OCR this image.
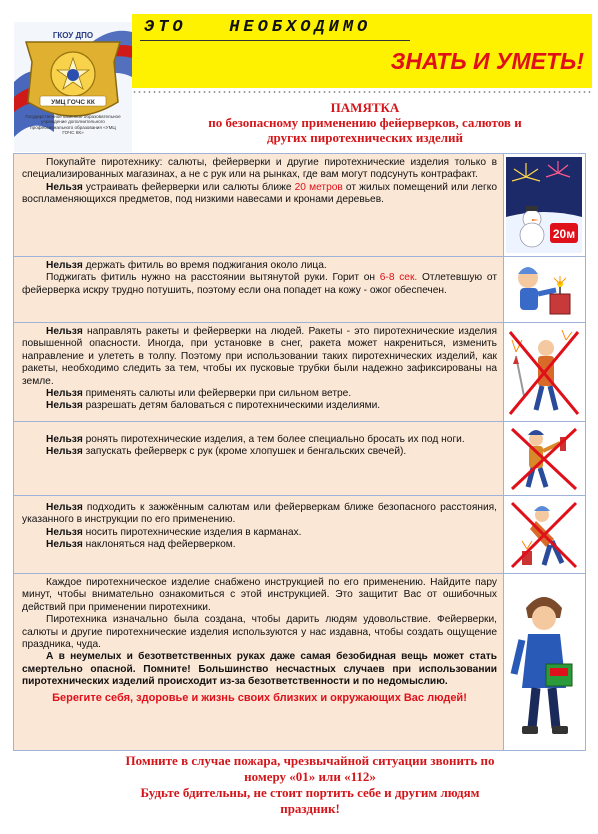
ГКОУ ДПО
УМЦ ГОЧС КК
Государственное казенное образовательное учреждение дополнительного профессионального образования «УМЦ ГОЧС КК»
ЭТО   НЕОБХОДИМО
ЗНАТЬ И УМЕТЬ!
ПАМЯТКА
по безопасному применению фейерверков, салютов и
других пиротехнических изделий

Покупайте пиротехнику: салюты, фейерверки и другие пиротехнические изделия только в специализированных магазинах, а не с рук или на рынках, где вам могут подсунуть контрафакт.

Нельзя устраивать фейерверки или салюты ближе 20 метров от жилых помещений или легко воспламеняющихся предметов, под низкими навесами и кронами деревьев.

20м

Нельзя держать фитиль во время поджигания около лица.

Поджигать фитиль нужно на расстоянии вытянутой руки. Горит он 6-8 сек. Отлетевшую от фейерверка искру трудно потушить, поэтому если она попадет на кожу - ожог обеспечен.

Нельзя направлять ракеты и фейерверки на людей. Ракеты - это пиротехнические изделия повышенной опасности. Иногда, при установке в снег, ракета может накрениться, изменить направление и улететь в толпу. Поэтому при использовании таких пиротехнических изделий, как ракеты, необходимо следить за тем, чтобы их пусковые трубки были надежно зафиксированы на земле.

Нельзя применять салюты или фейерверки при сильном ветре.

Нельзя разрешать детям баловаться с пиротехническими изделиями.

Нельзя ронять пиротехнические изделия, а тем более специально бросать их под ноги.

Нельзя запускать фейерверк с рук (кроме хлопушек и бенгальских свечей).

Нельзя подходить к зажжённым салютам или фейерверкам ближе безопасного расстояния, указанного в инструкции по его применению.

Нельзя носить пиротехнические изделия в карманах.

Нельзя наклоняться над фейерверком.

Каждое пиротехническое изделие снабжено инструкцией по его применению. Найдите пару минут, чтобы внимательно ознакомиться с этой инструкцией. Это защитит Вас от ошибочных действий при применении пиротехники.

Пиротехника изначально была создана, чтобы дарить людям удовольствие. Фейерверки, салюты и другие пиротехнические изделия используются у нас издавна, чтобы создать ощущение праздника, чуда.

А в неумелых и безответственных руках даже самая безобидная вещь может стать смертельно опасной. Помните! Большинство несчастных случаев при использовании пиротехнических изделий происходит из-за безответственности и по недомыслию.

Берегите себя, здоровье и жизнь своих близких и окружающих Вас людей!

Помните в случае пожара, чрезвычайной ситуации звонить по
номеру «01» или «112»
Будьте бдительны, не стоит портить себе и другим людям
праздник!
